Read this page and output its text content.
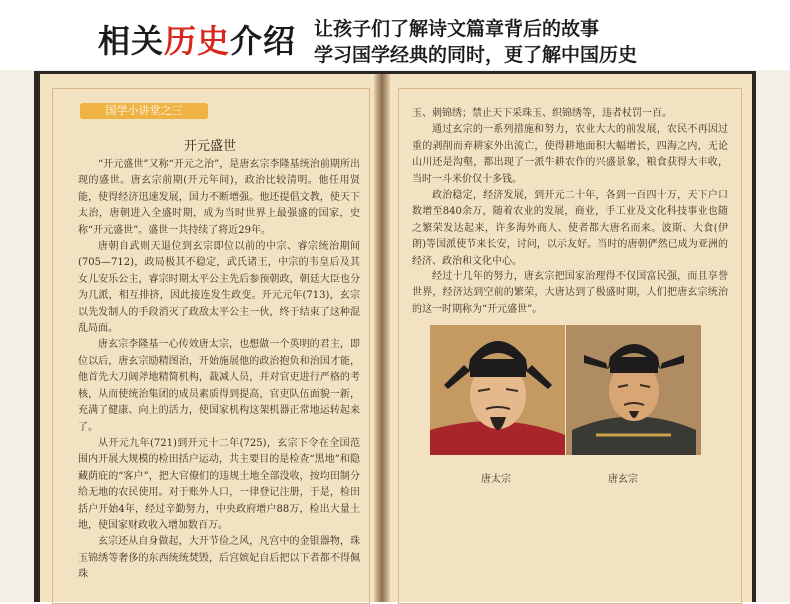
相关历史介绍 让孩子们了解诗文篇章背后的故事
学习国学经典的同时，更了解中国历史
国学小讲堂之三
开元盛世

“开元盛世”又称“开元之治”，是唐玄宗李隆基统治前期所出现的盛世。唐玄宗前期(开元年间)，政治比较清明。他任用贤能，使得经济迅速发展，国力不断增强。他还提倡文教，使天下太治，唐朝进入全盛时期，成为当时世界上最强盛的国家，史称“开元盛世”。盛世一共持续了将近29年。

唐朝自武则天退位到玄宗即位以前的中宗、睿宗统治期间(705—712)，政局极其不稳定，武氏诸王，中宗的韦皇后及其女儿安乐公主，睿宗时期太平公主先后参预朝政，朝廷大臣也分为几派，相互排挤，因此接连发生政变。开元元年(713)，玄宗以先发制人的手段消灭了政敌太平公主一伙，终于结束了这种混乱局面。

唐玄宗李隆基一心传效唐太宗，也想做一个英明的君主，即位以后，唐玄宗励精图治，开始施展他的政治抱负和治国才能，他首先大刀阔斧地精简机构，裁减人员，并对官吏进行严格的考核，从而使统治集团的成员素质得到提高，官吏队伍面貌一新，充满了健康、向上的活力，使国家机构这架机器正常地运转起来了。

从开元九年(721)到开元十二年(725)，玄宗下令在全国范围内开展大规模的检田括户运动，共主要目的是检查“黑地”和隐藏荫庇的“客户”，把大官僚们的违规土地全部没收，按均田制分给无地的农民使用。对于账外人口，一律登记注册，于是，检田括户开始4年，经过辛勤努力，中央政府增户88万，检出大量土地，使国家财政收入增加数百万。

玄宗还从自身做起，大开节俭之风，凡宫中的金银器物，珠玉锦绣等奢侈的东西统统焚毁，后宫嫔妃自后把以下者都不得佩珠

玉、刺锦绣；禁止天下采珠玉、织锦绣等，违者杖罚一百。

通过玄宗的一系列措施和努力，农业大大的前发展，农民不再因过重的剥削而弃耕家外出流亡，使得耕地面积大幅增长，四海之内，无论山川还是沟壑，都出现了一派牛耕农作的兴盛景象，粮食获得大丰收，当时一斗米价仅十多钱。

政治稳定，经济发展，到开元二十年，各到一百四十万，天下户口数增至840余万，随着农业的发展，商业，手工业及文化科技事业也随之繁荣发达起来，许多海外商人、使者都大唐名而来。波斯、大食(伊朗)等国派使节来长安，讨问，以示友好。当时的唐朝俨然已成为亚洲的经济、政治和文化中心。

经过十几年的努力，唐玄宗把国家治理得不仅国富民强，而且享誉世界，经济达到空前的繁荣，大唐达到了极盛时期，人们把唐玄宗统治的这一时期称为“开元盛世”。

唐太宗	唐玄宗
